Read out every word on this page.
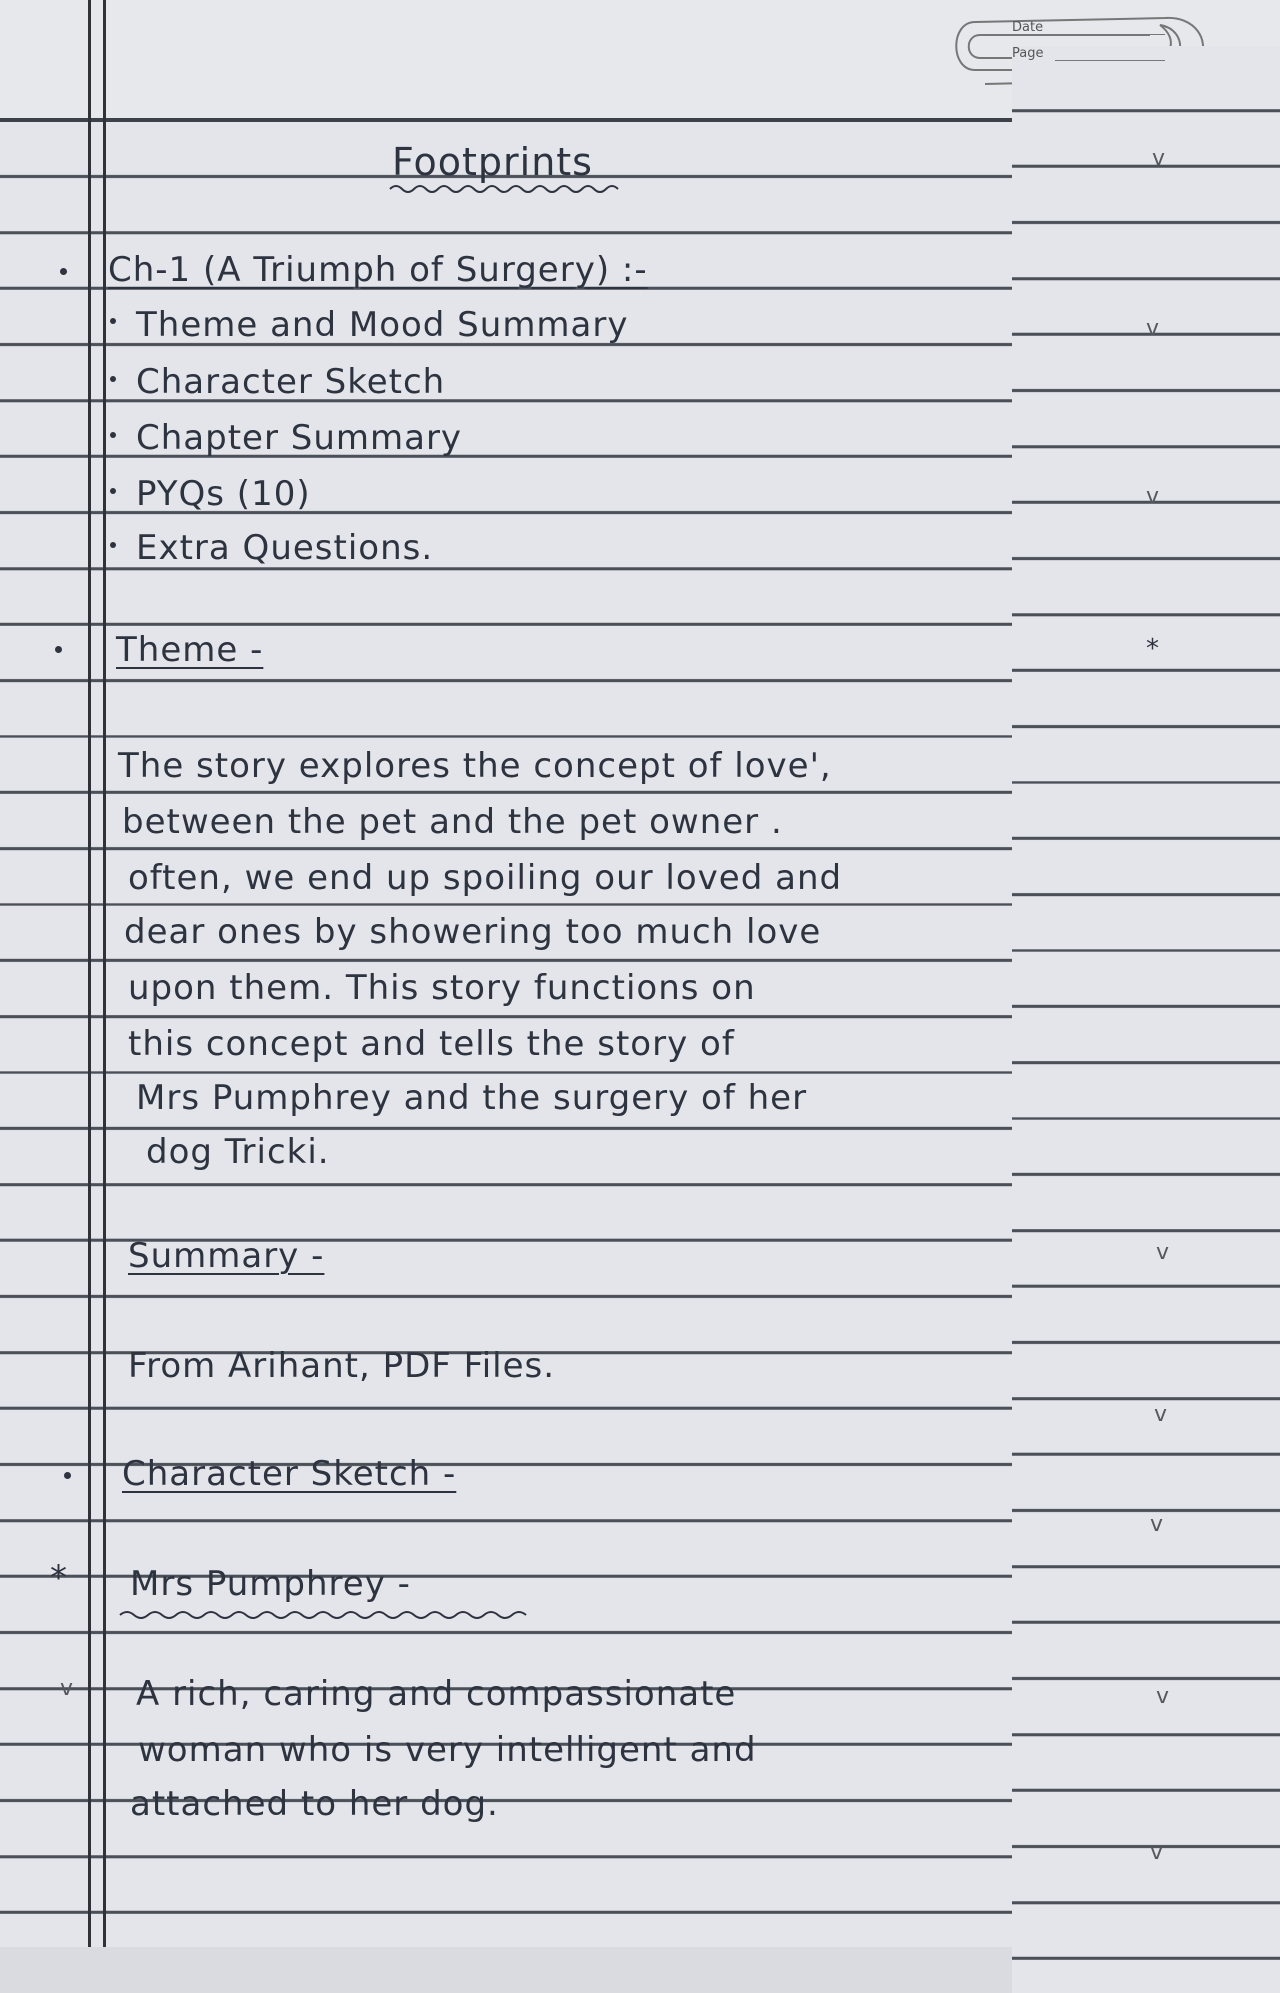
Date
Page
Footprints	v
Ch-1 (A Triumph of Surgery) :-
Theme and Mood Summary	v
Character Sketch
Chapter Summary
PYQs (10)	v
Extra Questions.
Theme -	*
The story explores the concept of love',
between the pet and the pet owner .
often, we end up spoiling our loved and
dear ones by showering too much love
upon them. This story functions on
this concept and tells the story of
Mrs Pumphrey and the surgery of her
dog Tricki.
Summary -	v
From Arihant, PDF Files.
v
Character Sketch -
v
* Mrs Pumphrey -
v A rich, caring and compassionate	v
woman who is very intelligent and
attached to her dog.
v
